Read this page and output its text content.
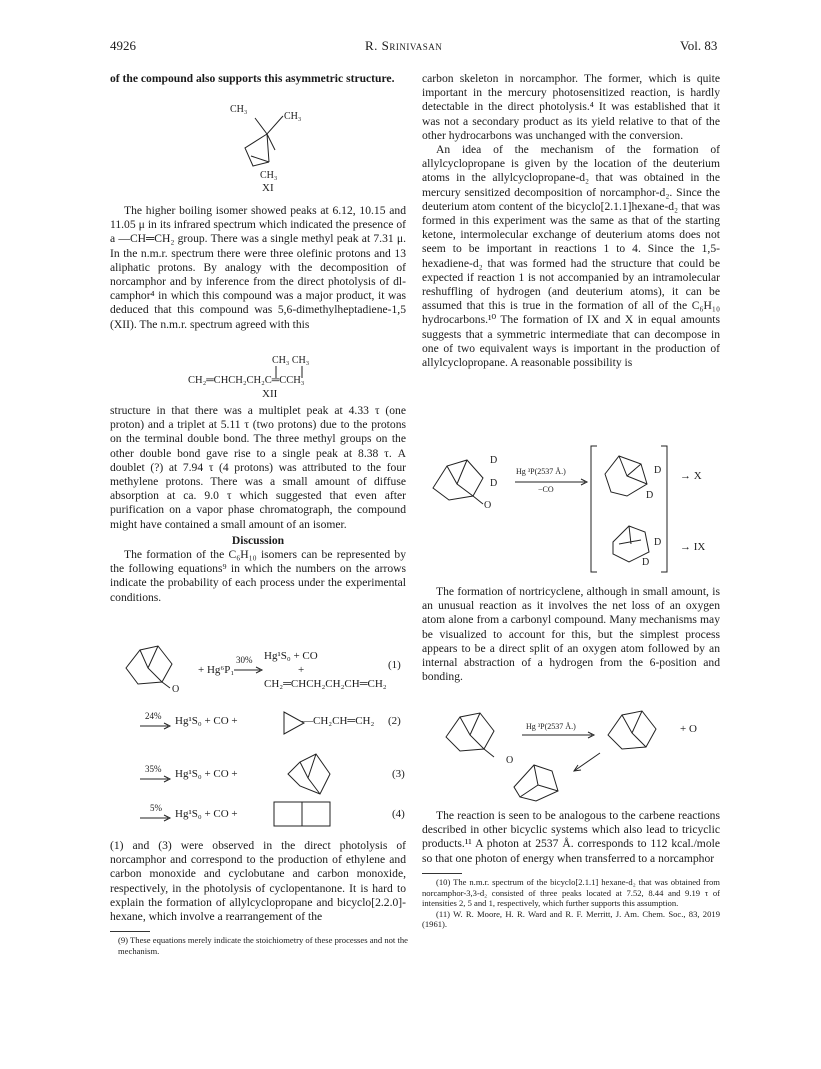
4926	R. Srinivasan	Vol. 83

of the compound also supports this asymmetric structure.

CH₃
CH₃
CH₃
XI

The higher boiling isomer showed peaks at 6.12, 10.15 and 11.05 μ in its infrared spectrum which indicated the presence of a —CH═CH₂ group. There was a single methyl peak at 7.31 μ. In the n.m.r. spectrum there were three olefinic protons and 13 aliphatic protons. By analogy with the decomposition of norcamphor and by inference from the direct photolysis of dl-camphor⁴ in which this compound was a major product, it was deduced that this compound was 5,6-dimethylheptadiene-1,5 (XII). The n.m.r. spectrum agreed with this

CH₃ CH₃
CH₂═CHCH₂CH₂C═CCH₃
XII

structure in that there was a multiplet peak at 4.33 τ (one proton) and a triplet at 5.11 τ (two protons) due to the protons on the terminal double bond. The three methyl groups on the other double bond gave rise to a single peak at 8.38 τ. A doublet (?) at 7.94 τ (4 protons) was attributed to the four methylene protons. There was a small amount of diffuse absorption at ca. 9.0 τ which suggested that even after purification on a vapor phase chromatograph, the compound might have contained a small amount of an isomer.

Discussion

The formation of the C₆H₁₀ isomers can be represented by the following equations⁹ in which the numbers on the arrows indicate the probability of each process under the experimental conditions.

O
+ Hg⁶P₁
30% Hg¹S₀ + CO
+
CH₂═CHCH₂CH₂CH═CH₂
(1)
24% Hg¹S₀ + CO +	—CH₂CH═CH₂ (2)
35% Hg¹S₀ + CO +	(3)
5% Hg¹S₀ + CO +	(4)

(1) and (3) were observed in the direct photolysis of norcamphor and correspond to the production of ethylene and carbon monoxide and cyclobutane and carbon monoxide, respectively, in the photolysis of cyclopentanone. It is hard to explain the formation of allylcyclopropane and bicyclo[2.2.0]-hexane, which involve a rearrangement of the

(9) These equations merely indicate the stoichiometry of these processes and not the mechanism.

carbon skeleton in norcamphor. The former, which is quite important in the mercury photosensitized reaction, is hardly detectable in the direct photolysis.⁴ It was established that it was not a secondary product as its yield relative to that of the other hydrocarbons was unchanged with the conversion.

An idea of the mechanism of the formation of allylcyclopropane is given by the location of the deuterium atoms in the allylcyclopropane-d₂ that was obtained in the mercury sensitized decomposition of norcamphor-d₂. Since the deuterium atom content of the bicyclo[2.1.1]hexane-d₂ that was formed in this experiment was the same as that of the starting ketone, intermolecular exchange of deuterium atoms does not seem to be important in reactions 1 to 4. Since the 1,5-hexadiene-d₂ that was formed had the structure that could be expected if reaction 1 is not accompanied by an intramolecular reshuffling of hydrogen (and deuterium atoms), it can be assumed that this is true in the formation of all of the C₆H₁₀ hydrocarbons.¹⁰ The formation of IX and X in equal amounts suggests that a symmetric intermediate that can decompose in one of two equivalent ways is important in the production of allylcyclopropane. A reasonable possibility is

D
D
O
Hg ³P(2537 Å.)
−CO
D
D
D
D
→ X
→ IX

The formation of nortricyclene, although in small amount, is an unusual reaction as it involves the net loss of an oxygen atom alone from a carbonyl compound. Many mechanisms may be visualized to account for this, but the simplest process appears to be a direct split of an oxygen atom followed by an internal abstraction of a hydrogen from the 6-position and bonding.

O
Hg ³P(2537 Å.)	+ O

The reaction is seen to be analogous to the carbene reactions described in other bicyclic systems which also lead to tricyclic products.¹¹ A photon at 2537 Å. corresponds to 112 kcal./mole so that one photon of energy when transferred to a norcamphor

(10) The n.m.r. spectrum of the bicyclo[2.1.1] hexane-d₂ that was obtained from norcamphor-3,3-d₂ consisted of three peaks located at 7.52, 8.44 and 9.19 τ of intensities 2, 5 and 1, respectively, which further supports this assumption.

(11) W. R. Moore, H. R. Ward and R. F. Merritt, J. Am. Chem. Soc., 83, 2019 (1961).
